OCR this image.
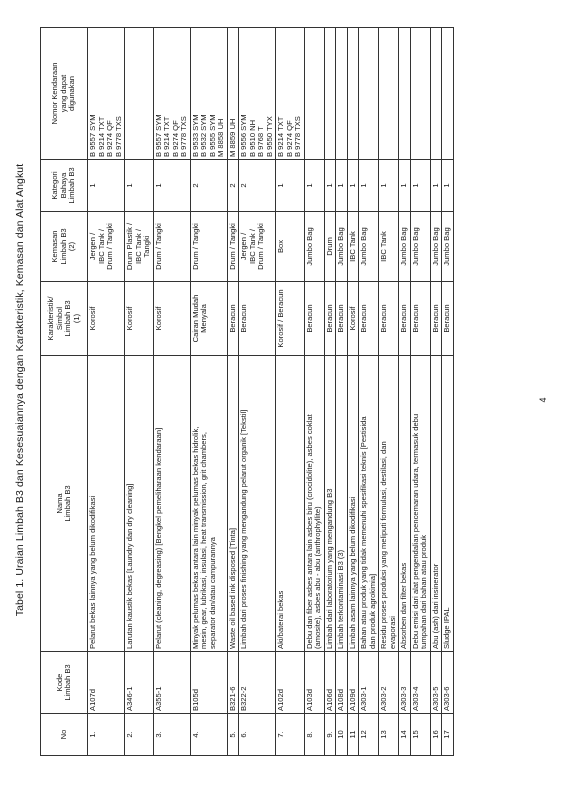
Tabel 1. Uraian Limbah B3 dan Kesesuaiannya dengan Karakteristik, Kemasan dan Alat Angkut
No	Kode Limbah B3	Nama Limbah B3	Karakteristik/ Simbol Limbah B3 (1)	Kemasan Limbah B3 (2)	Kategori Bahaya Limbah B3	Nomor Kendaraan yang dapat digunakan

1.	A107d	Pelarut bekas lainnya yang belum dikodifikasi	Korosif	Jergen / IBC Tank / Drum / Tangki	1	B 9557 SYM B 9214 TXT B 9274 QF B 9778 TXS

2.	A346-1	Larutan kaustik bekas [Laundry dan dry cleaning]	Korosif	Drum Plastik / IBC Tank / Tangki	1	

3.	A355-1	Pelarut (cleaning, degreasing) [Bengkel pemeliharaan kendaraan]	Korosif	Drum / Tangki	1	B 9557 SYM B 9214 TXT B 9274 QF B 9778 TXS

4.	B105d	Minyak pelumas bekas antara lain minyak pelumas bekas hidrolik, mesin, gear, lubrikasi, insulasi, heat transmission, grit chambers, separator dan/atau campurannya	Cairan Mudah Menyala	Drum / Tangki	2	B 9533 SYM B 9532 SYM B 9555 SYM M 8858 UH

5.	B321-6	Waste oil based ink disposed [Tinta]	Beracun	Drum / Tangki	2	M 8859 UH

6.	B322-2	Limbah dari proses finishing yang mengandung pelarut organik [Tekstil]	Beracun	Jergen / IBC Tank / Drum / Tangki	2	B 9556 SYM B 9510 NH B 9768 T B 9550 TYX

7.	A102d	Aki/baterai bekas	Korosif / Beracun	Box	1	B 9214 TXT B 9274 QF B 9778 TXS

8.	A103d	Debu dan fiber asbes antara lain asbes biru (crocidolite), asbes coklat (amosite), asbes abu - abu (anthrophyllite)	Beracun	Jumbo Bag	1	

9.	A106d	Limbah dari laboratorium yang mengandung B3	Beracun	Drum	1	

10	A108d	Limbah terkontaminasi B3 (3)	Beracun	Jumbo Bag	1	

11	A109d	Limbah asam lainnya yang belum dikodifikasi	Korosif	IBC Tank	1	

12	A303-1	Bahan atau produk yang tidak memenuhi spesifikasi teknis [Pestisida dan produk agrokimia]	Beracun	Jumbo Bag	1	

13	A303-2	Residu proses produksi yang meliputi formulasi, destilasi, dan evaporasi	Beracun	IBC Tank	1	

14	A303-3	Absorben dan filter bekas	Beracun	Jumbo Bag	1	

15	A303-4	Debu emisi dari alat pengendalian pencemaran udara, termasuk debu tumpahan dari bahan atau produk	Beracun	Jumbo Bag	1	

16	A303-5	Abu (ash) dari insinerator	Beracun	Jumbo Bag	1	

17	A303-6	Sludge IPAL	Beracun	Jumbo Bag	1	

4
